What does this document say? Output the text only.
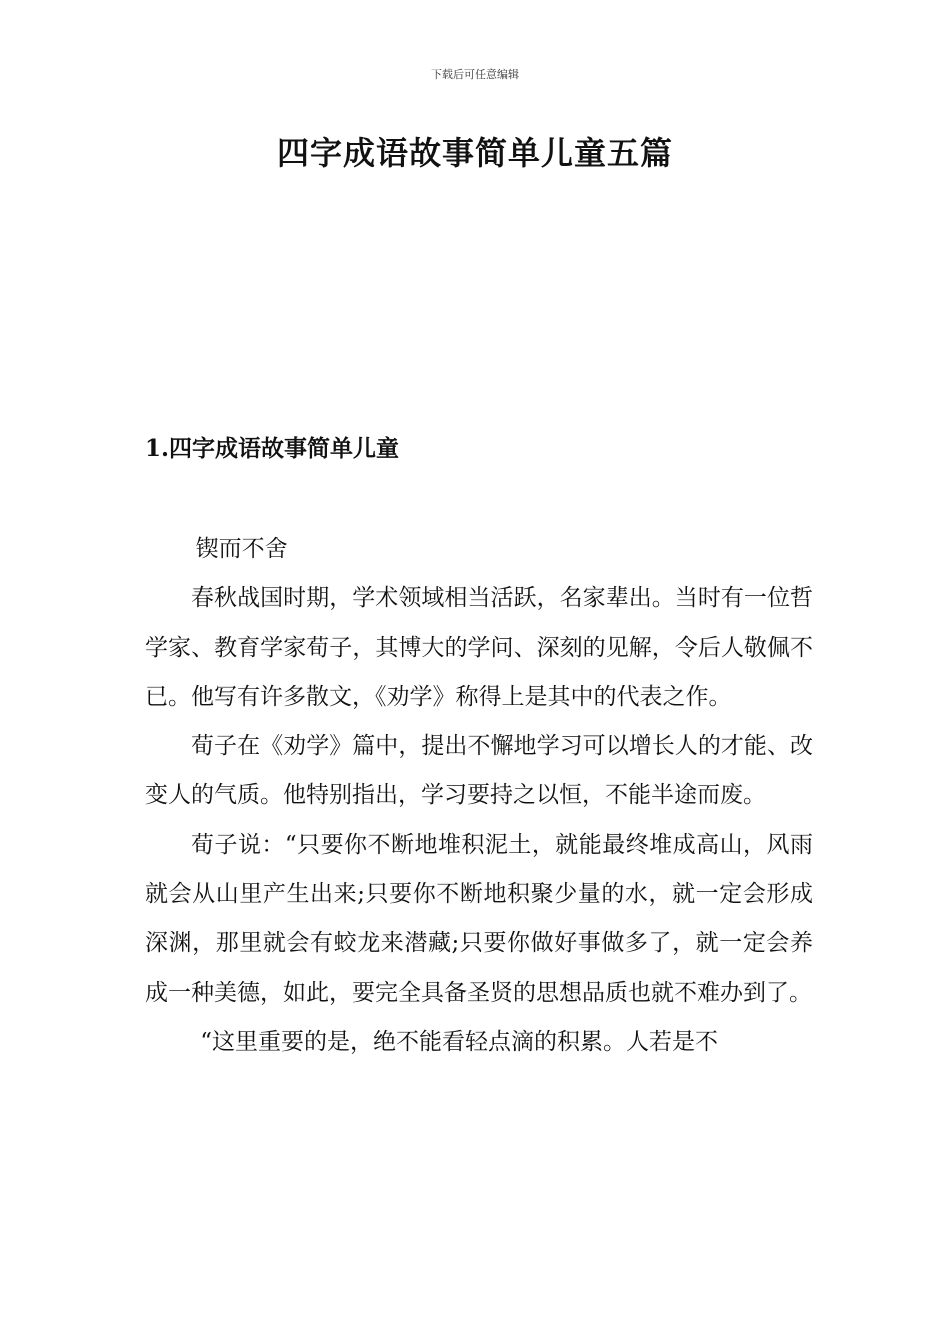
下载后可任意编辑
四字成语故事简单儿童五篇
1.四字成语故事简单儿童

锲而不舍

春秋战国时期，学术领域相当活跃，名家辈出。当时有一位哲学家、教育学家荀子，其博大的学问、深刻的见解，令后人敬佩不已。他写有许多散文，《劝学》称得上是其中的代表之作。

荀子在《劝学》篇中，提出不懈地学习可以增长人的才能、改变人的气质。他特别指出，学习要持之以恒，不能半途而废。

荀子说：“只要你不断地堆积泥土，就能最终堆成高山，风雨就会从山里产生出来;只要你不断地积聚少量的水，就一定会形成深渊，那里就会有蛟龙来潜藏;只要你做好事做多了，就一定会养成一种美德，如此，要完全具备圣贤的思想品质也就不难办到了。

“这里重要的是，绝不能看轻点滴的积累。人若是不
